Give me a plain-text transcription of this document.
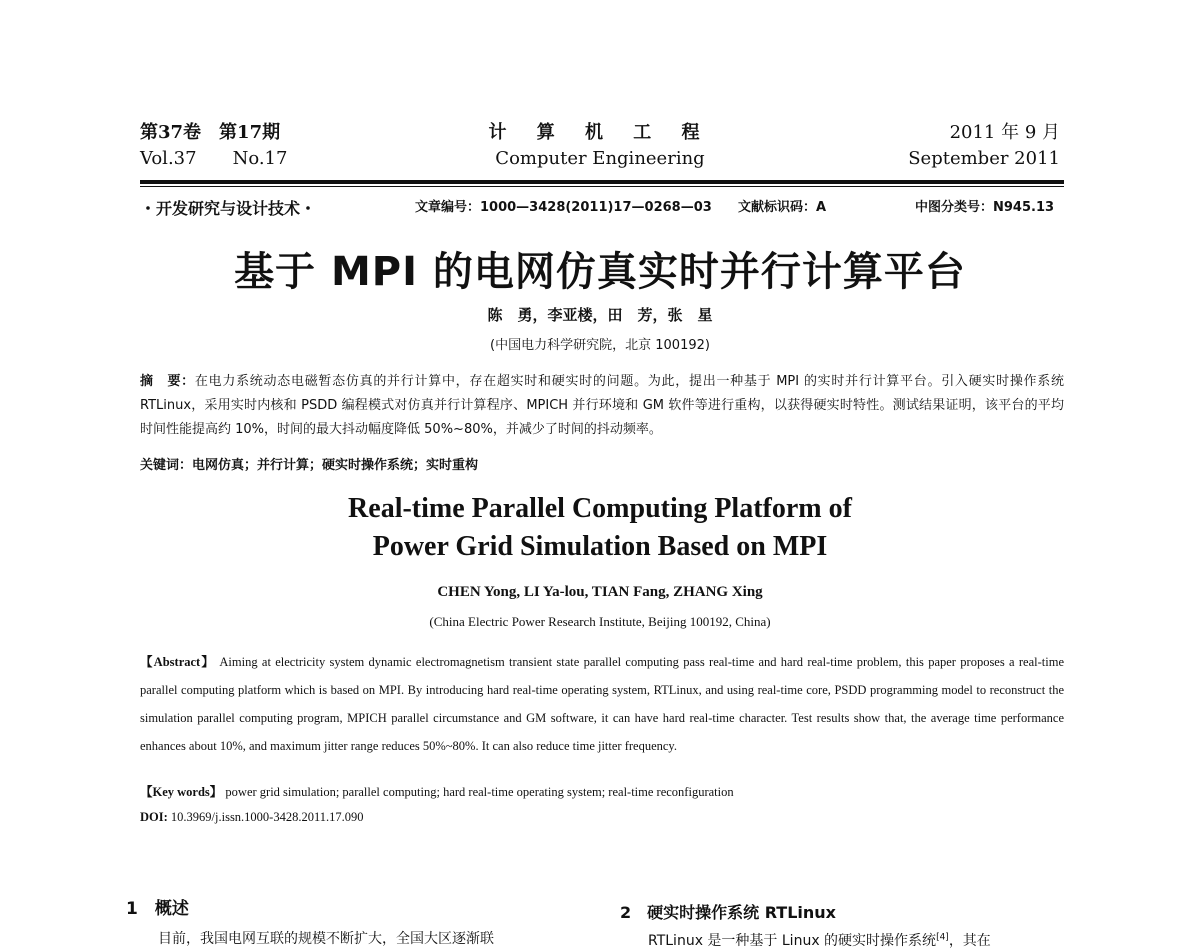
第37卷　第17期
Vol.37　　No.17
计 算 机 工 程
Computer Engineering
2011 年 9 月
September 2011
・开发研究与设计技术・	文章编号：1000—3428(2011)17—0268—03 文献标识码：A	中图分类号：N945.13
基于 MPI 的电网仿真实时并行计算平台
陈　勇，李亚楼，田　芳，张　星
(中国电力科学研究院，北京 100192)
摘　要：在电力系统动态电磁暂态仿真的并行计算中，存在超实时和硬实时的问题。为此，提出一种基于 MPI 的实时并行计算平台。引入硬实时操作系统 RTLinux，采用实时内核和 PSDD 编程模式对仿真并行计算程序、MPICH 并行环境和 GM 软件等进行重构，以获得硬实时特性。测试结果证明，该平台的平均时间性能提高约 10%，时间的最大抖动幅度降低 50%~80%，并减少了时间的抖动频率。
关键词：电网仿真；并行计算；硬实时操作系统；实时重构
Real-time Parallel Computing Platform of
Power Grid Simulation Based on MPI
CHEN Yong, LI Ya-lou, TIAN Fang, ZHANG Xing
(China Electric Power Research Institute, Beijing 100192, China)
【Abstract】 Aiming at electricity system dynamic electromagnetism transient state parallel computing pass real-time and hard real-time problem, this paper proposes a real-time parallel computing platform which is based on MPI. By introducing hard real-time operating system, RTLinux, and using real-time core, PSDD programming model to reconstruct the simulation parallel computing program, MPICH parallel circumstance and GM software, it can have hard real-time character. Test results show that, the average time performance enhances about 10%, and maximum jitter range reduces 50%~80%. It can also reduce time jitter frequency.
【Key words】 power grid simulation; parallel computing; hard real-time operating system; real-time reconfiguration
DOI: 10.3969/j.issn.1000-3428.2011.17.090
1　概述
目前，我国电网互联的规模不断扩大，全国大区逐渐联
2　硬实时操作系统 RTLinux
RTLinux 是一种基于 Linux 的硬实时操作系统[4]，其在
